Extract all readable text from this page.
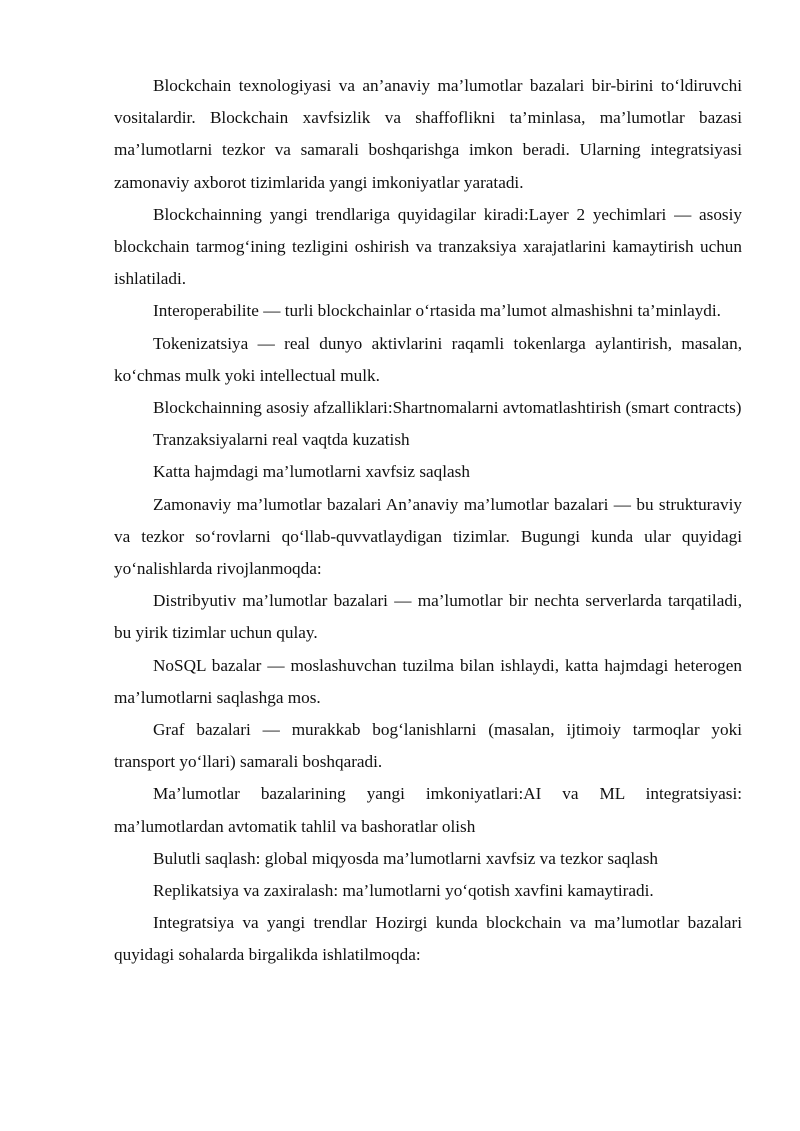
Blockchain texnologiyasi va an’anaviy ma’lumotlar bazalari bir-birini to‘ldiruvchi vositalardir. Blockchain xavfsizlik va shaffoflikni ta’minlasa, ma’lumotlar bazasi ma’lumotlarni tezkor va samarali boshqarishga imkon beradi. Ularning integratsiyasi zamonaviy axborot tizimlarida yangi imkoniyatlar yaratadi.

Blockchainning yangi trendlariga quyidagilar kiradi:Layer 2 yechimlari — asosiy blockchain tarmog‘ining tezligini oshirish va tranzaksiya xarajatlarini kamaytirish uchun ishlatiladi.

Interoperabilite — turli blockchainlar o‘rtasida ma’lumot almashishni ta’minlaydi.

Tokenizatsiya — real dunyo aktivlarini raqamli tokenlarga aylantirish, masalan, ko‘chmas mulk yoki intellectual mulk.

Blockchainning asosiy afzalliklari:Shartnomalarni avtomatlashtirish (smart contracts)

Tranzaksiyalarni real vaqtda kuzatish

Katta hajmdagi ma’lumotlarni xavfsiz saqlash

Zamonaviy ma’lumotlar bazalari An’anaviy ma’lumotlar bazalari — bu strukturaviy va tezkor so‘rovlarni qo‘llab-quvvatlaydigan tizimlar. Bugungi kunda ular quyidagi yo‘nalishlarda rivojlanmoqda:

Distribyutiv ma’lumotlar bazalari — ma’lumotlar bir nechta serverlarda tarqatiladi, bu yirik tizimlar uchun qulay.

NoSQL bazalar — moslashuvchan tuzilma bilan ishlaydi, katta hajmdagi heterogen ma’lumotlarni saqlashga mos.

Graf bazalari — murakkab bog‘lanishlarni (masalan, ijtimoiy tarmoqlar yoki transport yo‘llari) samarali boshqaradi.

Ma’lumotlar bazalarining yangi imkoniyatlari:AI va ML integratsiyasi: ma’lumotlardan avtomatik tahlil va bashoratlar olish

Bulutli saqlash: global miqyosda ma’lumotlarni xavfsiz va tezkor saqlash

Replikatsiya va zaxiralash: ma’lumotlarni yo‘qotish xavfini kamaytiradi.

Integratsiya va yangi trendlar Hozirgi kunda blockchain va ma’lumotlar bazalari quyidagi sohalarda birgalikda ishlatilmoqda:
